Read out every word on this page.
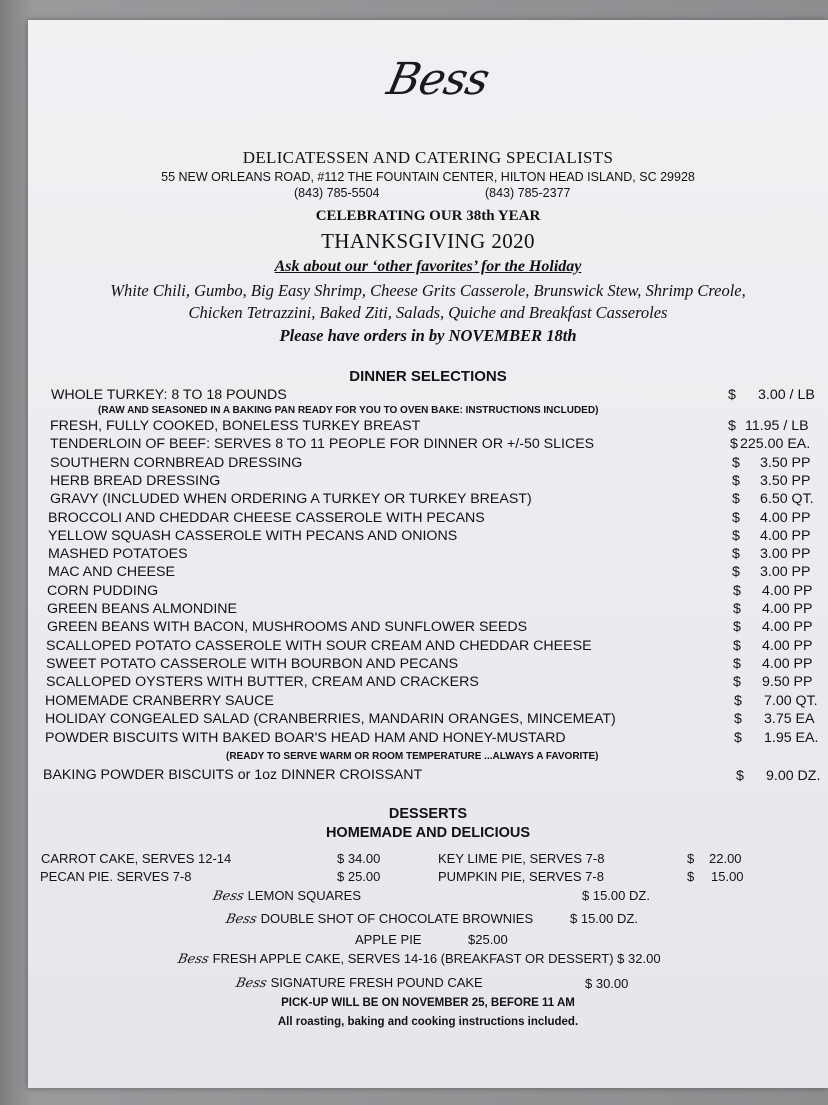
Bess
DELICATESSEN AND CATERING SPECIALISTS
55 NEW ORLEANS ROAD, #112 THE FOUNTAIN CENTER, HILTON HEAD ISLAND, SC 29928
(843) 785-5504	(843) 785-2377
CELEBRATING OUR 38th YEAR
THANKSGIVING 2020
Ask about our ‘other favorites’ for the Holiday
White Chili, Gumbo, Big Easy Shrimp, Cheese Grits Casserole, Brunswick Stew, Shrimp Creole,
Chicken Tetrazzini, Baked Ziti, Salads, Quiche and Breakfast Casseroles
Please have orders in by NOVEMBER 18th
DINNER SELECTIONS
WHOLE TURKEY: 8 TO 18 POUNDS	$ 3.00 / LB
(RAW AND SEASONED IN A BAKING PAN READY FOR YOU TO OVEN BAKE: INSTRUCTIONS INCLUDED)
FRESH, FULLY COOKED, BONELESS TURKEY BREAST	$ 11.95 / LB
TENDERLOIN OF BEEF: SERVES 8 TO 11 PEOPLE FOR DINNER OR +/-50 SLICES	$ 225.00 EA.
SOUTHERN CORNBREAD DRESSING	$ 3.50 PP
HERB BREAD DRESSING	$ 3.50 PP
GRAVY (INCLUDED WHEN ORDERING A TURKEY OR TURKEY BREAST)	$ 6.50 QT.
BROCCOLI AND CHEDDAR CHEESE CASSEROLE WITH PECANS	$ 4.00 PP
YELLOW SQUASH CASSEROLE WITH PECANS AND ONIONS	$ 4.00 PP
MASHED POTATOES	$ 3.00 PP
MAC AND CHEESE	$ 3.00 PP
CORN PUDDING	$ 4.00 PP
GREEN BEANS ALMONDINE	$ 4.00 PP
GREEN BEANS WITH BACON, MUSHROOMS AND SUNFLOWER SEEDS	$ 4.00 PP
SCALLOPED POTATO CASSEROLE WITH SOUR CREAM AND CHEDDAR CHEESE	$ 4.00 PP
SWEET POTATO CASSEROLE WITH BOURBON AND PECANS	$ 4.00 PP
SCALLOPED OYSTERS WITH BUTTER, CREAM AND CRACKERS	$ 9.50 PP
HOMEMADE CRANBERRY SAUCE	$ 7.00 QT.
HOLIDAY CONGEALED SALAD (CRANBERRIES, MANDARIN ORANGES, MINCEMEAT)	$ 3.75 EA
POWDER BISCUITS WITH BAKED BOAR'S HEAD HAM AND HONEY-MUSTARD	$ 1.95 EA.
(READY TO SERVE WARM OR ROOM TEMPERATURE ...ALWAYS A FAVORITE)
BAKING POWDER BISCUITS or 1oz DINNER CROISSANT	$ 9.00 DZ.
DESSERTS
HOMEMADE AND DELICIOUS
CARROT CAKE, SERVES 12-14	$ 34.00	KEY LIME PIE, SERVES 7-8	$ 22.00
PECAN PIE. SERVES 7-8	$ 25.00	PUMPKIN PIE, SERVES 7-8	$ 15.00
Bess LEMON SQUARES	$ 15.00 DZ.
Bess DOUBLE SHOT OF CHOCOLATE BROWNIES	$ 15.00 DZ.
APPLE PIE	$25.00
Bess FRESH APPLE CAKE, SERVES 14-16 (BREAKFAST OR DESSERT) $ 32.00
Bess SIGNATURE FRESH POUND CAKE	$ 30.00
PICK-UP WILL BE ON NOVEMBER 25, BEFORE 11 AM
All roasting, baking and cooking instructions included.
